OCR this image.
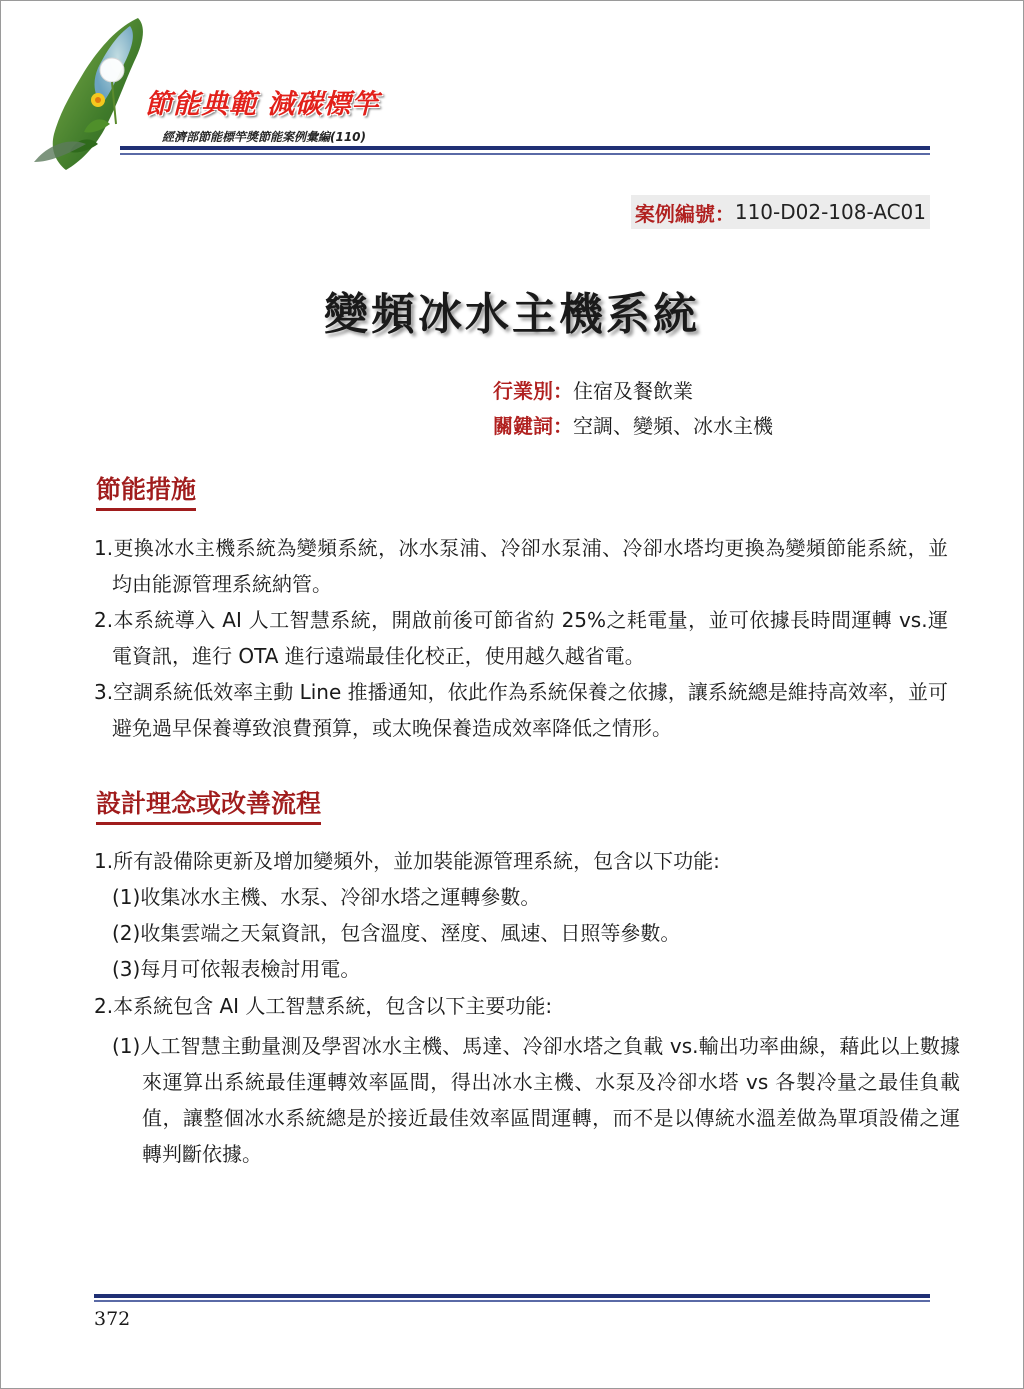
節能典範 減碳標竿
經濟部節能標竿獎節能案例彙編(110)
案例編號： 110-D02-108-AC01
變頻冰水主機系統
行業別：住宿及餐飲業
關鍵詞：空調、變頻、冰水主機
節能措施
1.更換冰水主機系統為變頻系統，冰水泵浦、冷卻水泵浦、冷卻水塔均更換為變頻節能系統，並均由能源管理系統納管。
2.本系統導入 AI 人工智慧系統，開啟前後可節省約 25%之耗電量，並可依據長時間運轉 vs.運電資訊，進行 OTA 進行遠端最佳化校正，使用越久越省電。
3.空調系統低效率主動 Line 推播通知，依此作為系統保養之依據，讓系統總是維持高效率，並可避免過早保養導致浪費預算，或太晚保養造成效率降低之情形。
設計理念或改善流程
1.所有設備除更新及增加變頻外，並加裝能源管理系統，包含以下功能:
(1)收集冰水主機、水泵、冷卻水塔之運轉參數。
(2)收集雲端之天氣資訊，包含溫度、溼度、風速、日照等參數。
(3)每月可依報表檢討用電。
2.本系統包含 AI 人工智慧系統，包含以下主要功能:
(1)人工智慧主動量測及學習冰水主機、馬達、冷卻水塔之負載 vs.輸出功率曲線，藉此以上數據來運算出系統最佳運轉效率區間，得出冰水主機、水泵及冷卻水塔 vs 各製冷量之最佳負載值，讓整個冰水系統總是於接近最佳效率區間運轉，而不是以傳統水溫差做為單項設備之運轉判斷依據。
372
